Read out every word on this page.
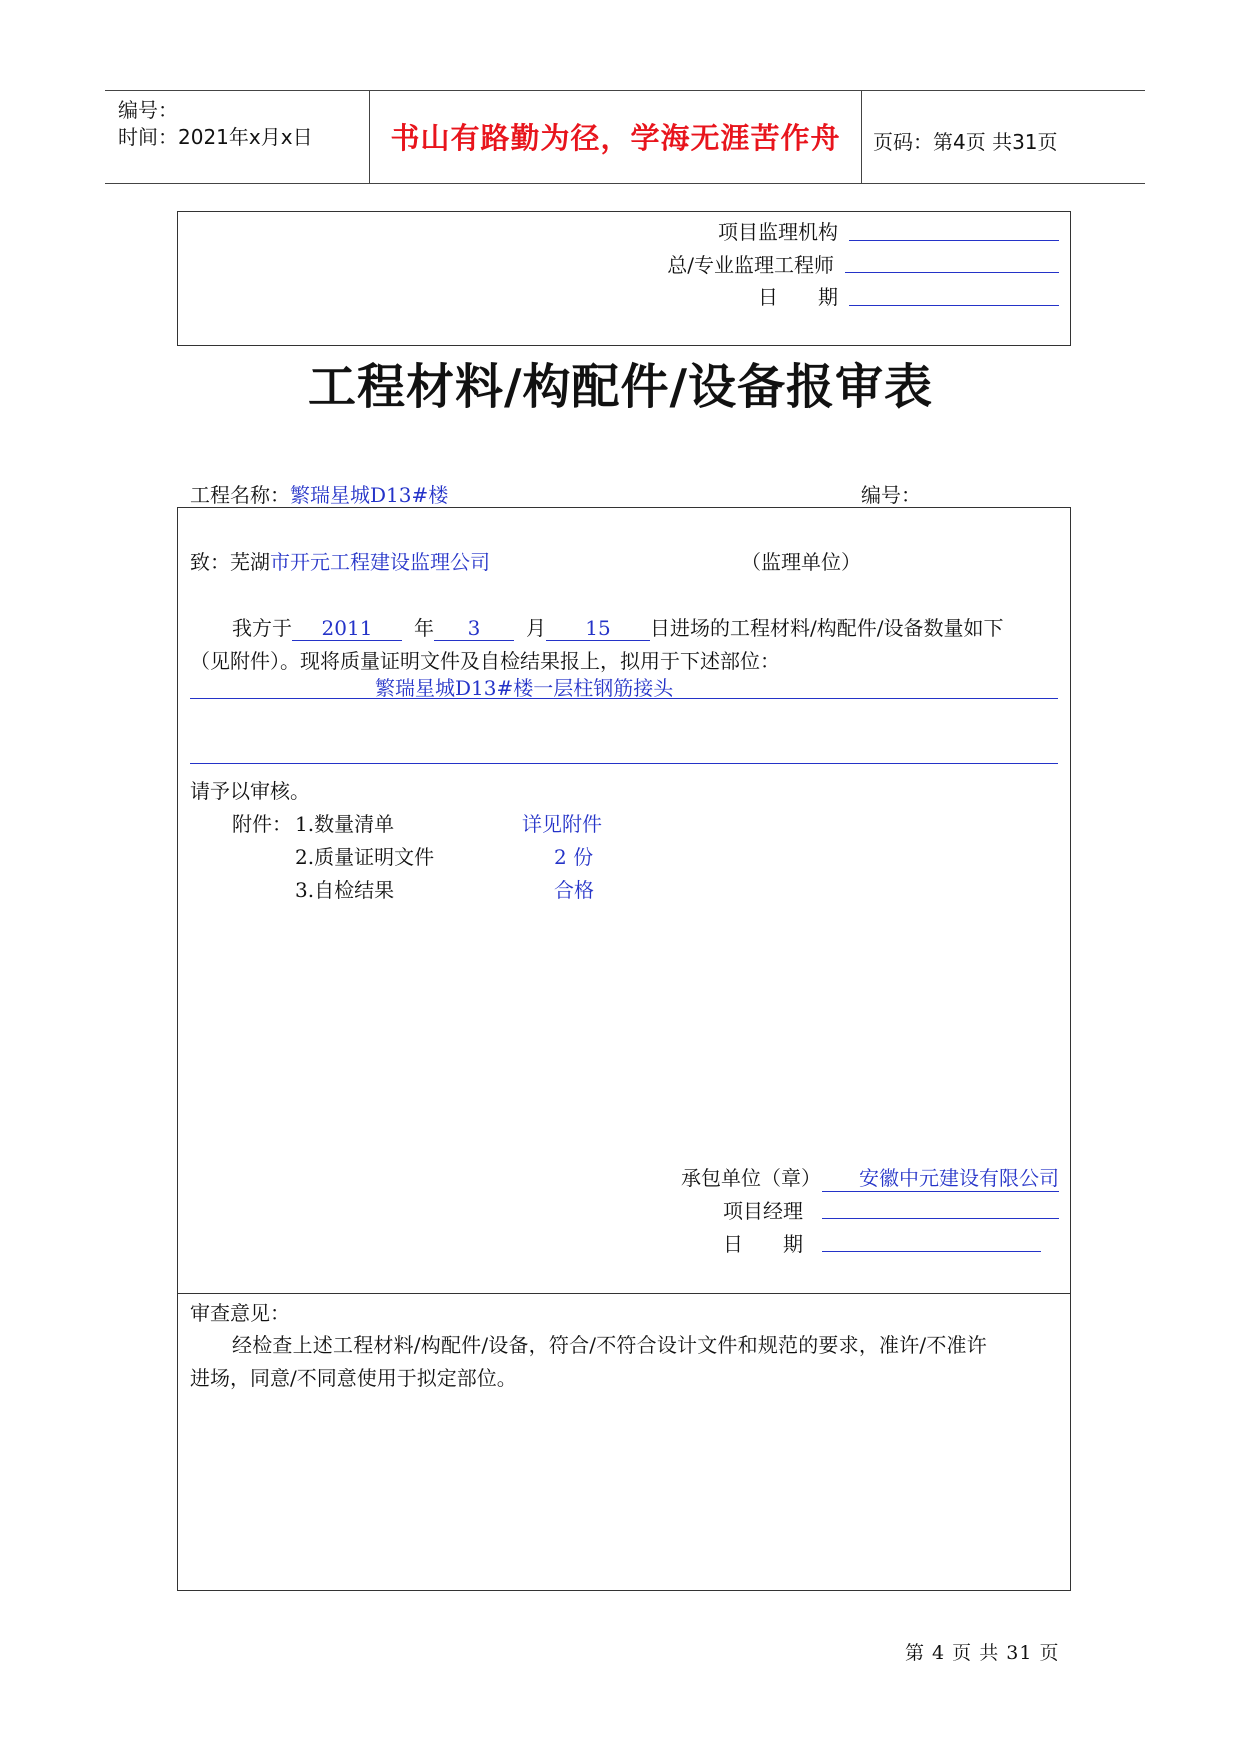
编号：
时间：2021年x月x日	书山有路勤为径，学海无涯苦作舟	页码：第4页 共31页
项目监理机构
总/专业监理工程师
日　　期
工程材料/构配件/设备报审表
工程名称：繁瑞星城D13#楼	编号：
致：芜湖市开元工程建设监理公司	（监理单位）
我方于 2011 年 3 月 15 日进场的工程材料/构配件/设备数量如下
（见附件）。现将质量证明文件及自检结果报上，拟用于下述部位：
繁瑞星城D13#楼一层柱钢筋接头
请予以审核。
附件： 1.数量清单	详见附件
2.质量证明文件	2 份
3.自检结果	合格
承包单位（章）	安徽中元建设有限公司
项目经理
日　　期
审查意见：
经检查上述工程材料/构配件/设备，符合/不符合设计文件和规范的要求，准许/不准许
进场，同意/不同意使用于拟定部位。
第 4 页 共 31 页
